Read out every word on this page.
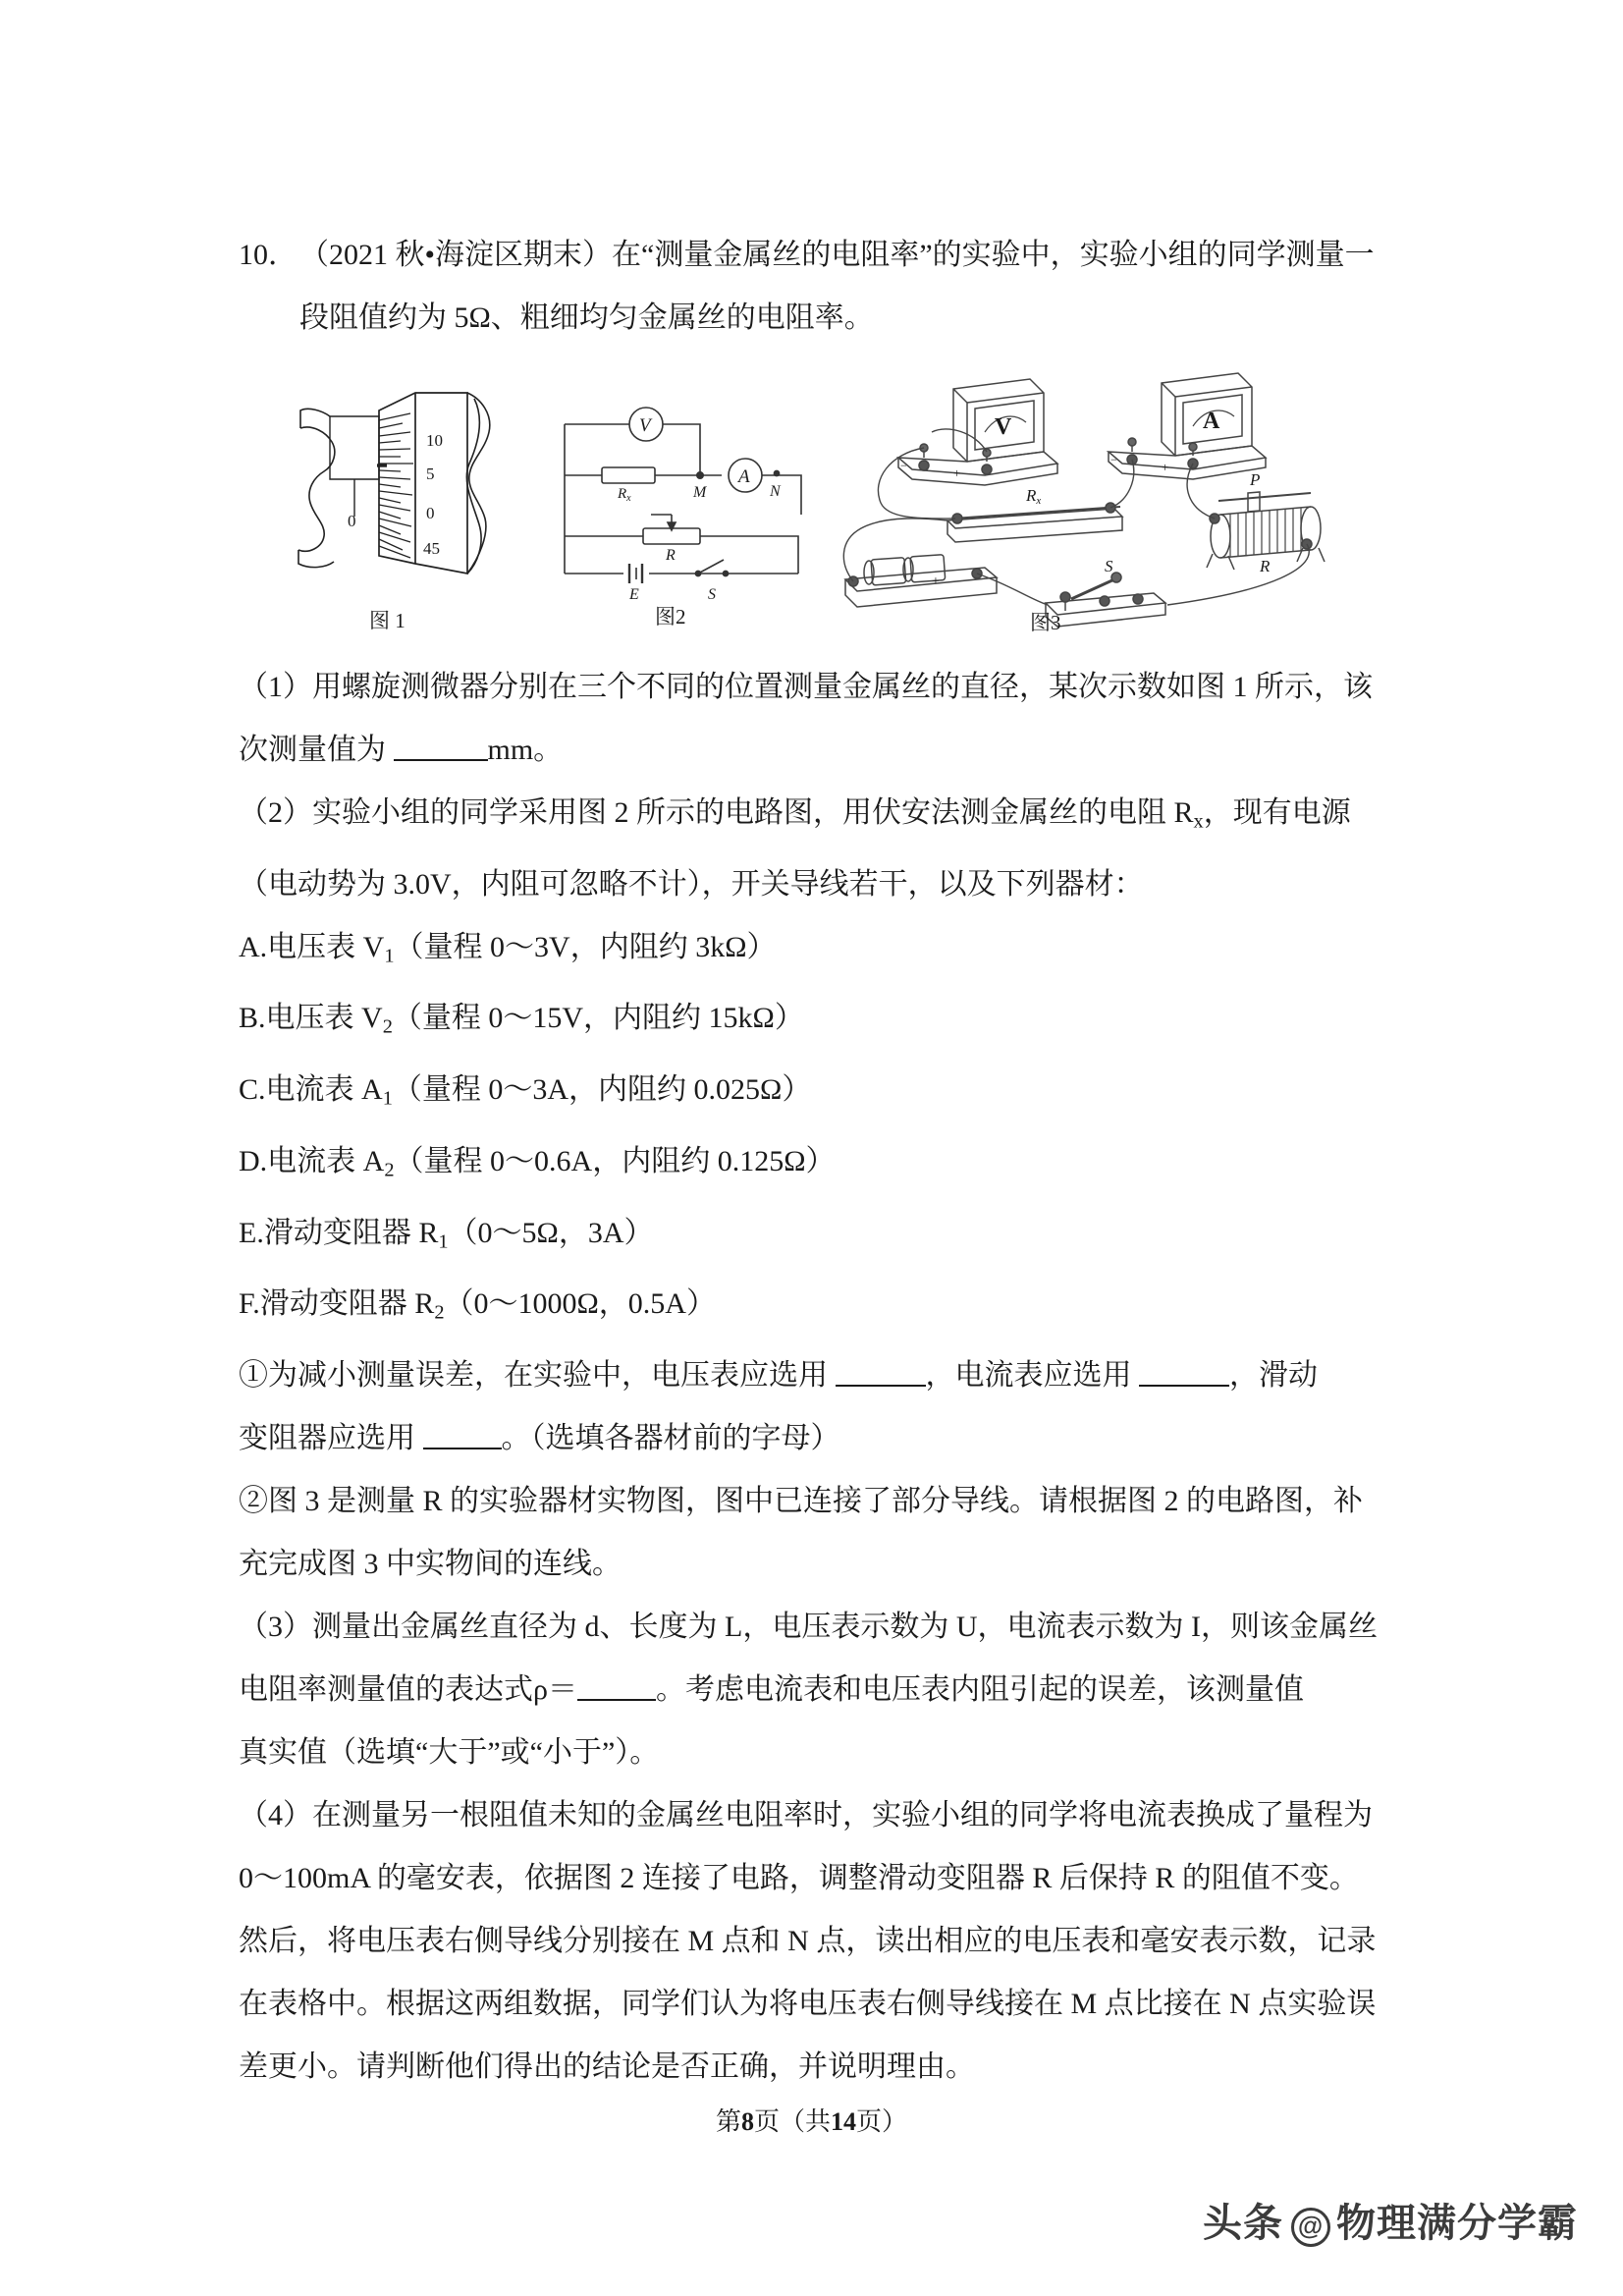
10． （2021 秋•海淀区期末）在“测量金属丝的电阻率”的实验中，实验小组的同学测量一
段阻值约为 5Ω、粗细均匀金属丝的电阻率。
10
5
0
45
0
图 1
V
A
$R_x$	M	N
R
E	S
图2
V	A
Rx
P
R
S
−	+
−	+
+
图3
（1）用螺旋测微器分别在三个不同的位置测量金属丝的直径，某次示数如图 1 所示，该
次测量值为	mm。
（2）实验小组的同学采用图 2 所示的电路图，用伏安法测金属丝的电阻 $R_x$，现有电源
（电动势为 3.0V，内阻可忽略不计），开关导线若干，以及下列器材：
A.电压表 $V_1$（量程 0～3V，内阻约 3kΩ）
B.电压表 $V_2$（量程 0～15V，内阻约 15kΩ）
C.电流表 $A_1$（量程 0～3A，内阻约 0.025Ω）
D.电流表 $A_2$（量程 0～0.6A，内阻约 0.125Ω）
E.滑动变阻器 $R_1(0\sim 5\Omega$，3A）
F.滑动变阻器 $R_2(0\sim 1000\Omega$，0.5A）
①为减小测量误差，在实验中，电压表应选用	，电流表应选用	，滑动
变阻器应选用	。（选填各器材前的字母）
②图 3 是测量 R 的实验器材实物图，图中已连接了部分导线。请根据图 2 的电路图，补
充完成图 3 中实物间的连线。
（3）测量出金属丝直径为 d、长度为 L，电压表示数为 U，电流表示数为 I，则该金属丝
电阻率测量值的表达式ρ＝	。考虑电流表和电压表内阻引起的误差，该测量值
真实值（选填“大于”或“小于”）。
（4）在测量另一根阻值未知的金属丝电阻率时，实验小组的同学将电流表换成了量程为
0～100mA 的毫安表，依据图 2 连接了电路，调整滑动变阻器 R 后保持 R 的阻值不变。
然后，将电压表右侧导线分别接在 M 点和 N 点，读出相应的电压表和毫安表示数，记录
在表格中。根据这两组数据，同学们认为将电压表右侧导线接在 M 点比接在 N 点实验误
差更小。请判断他们得出的结论是否正确，并说明理由。
第8页（共14页）
头条 @ 物理满分学霸
